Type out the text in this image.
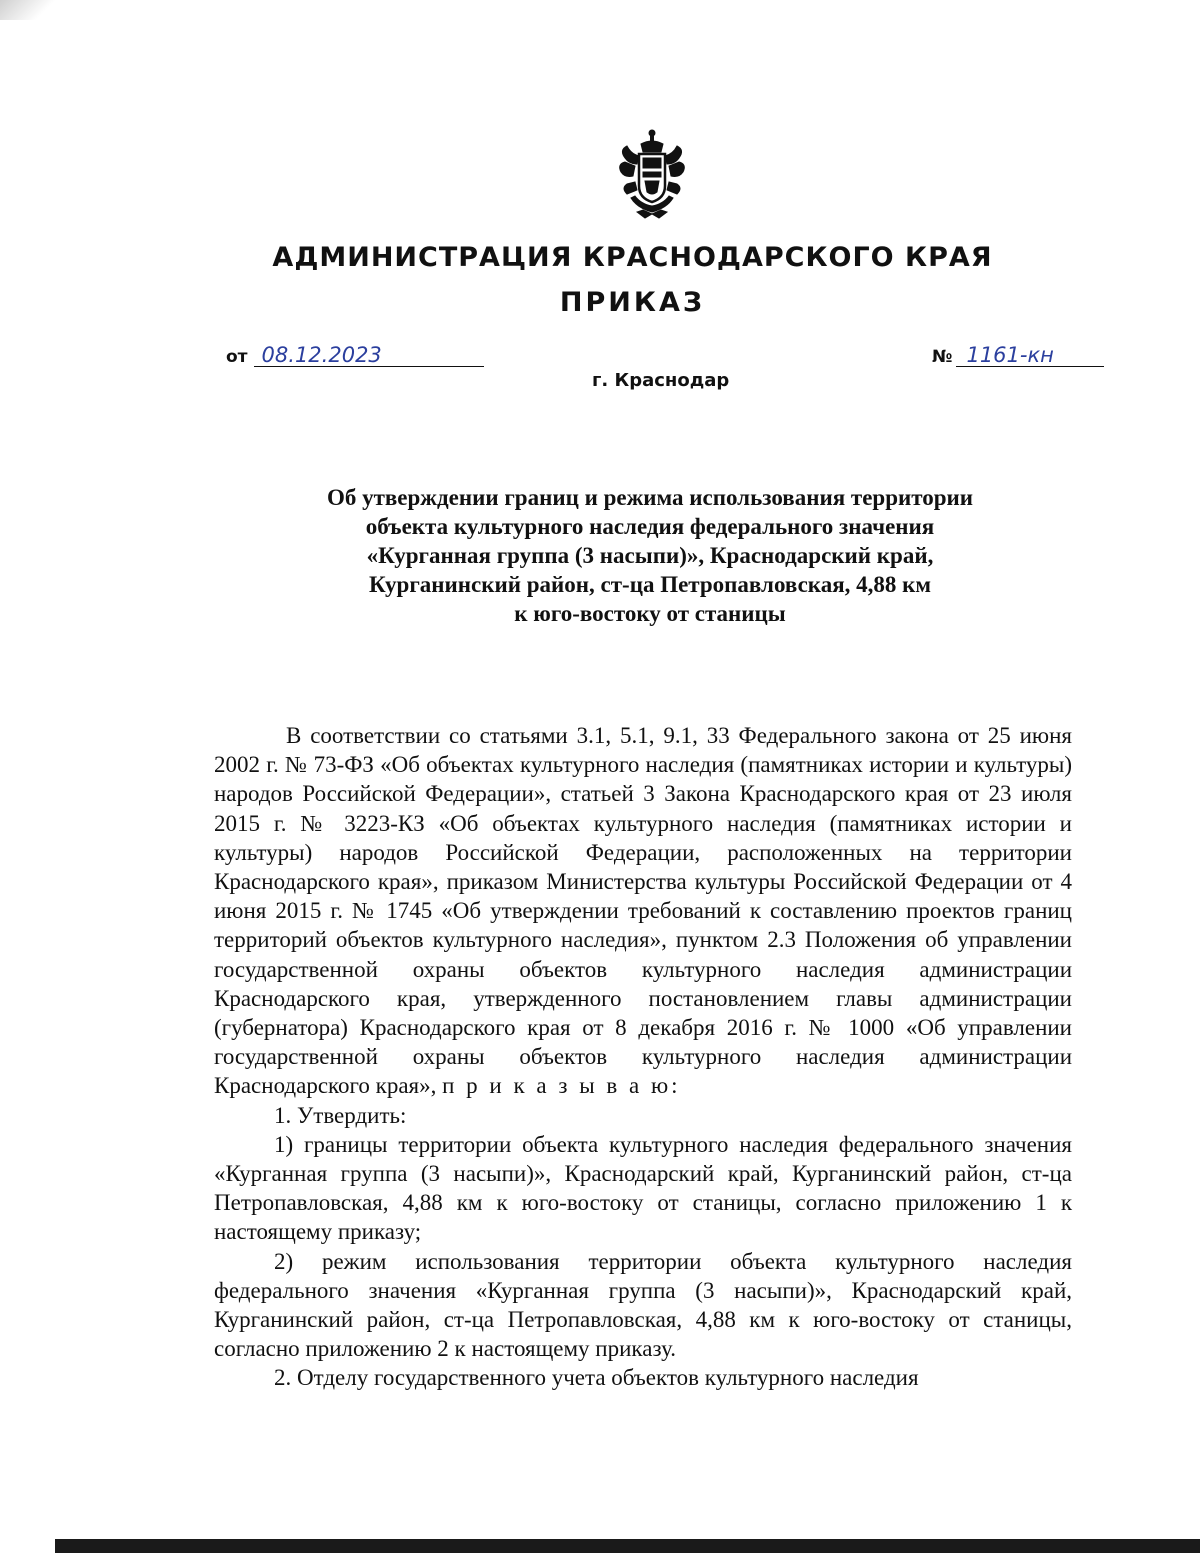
АДМИНИСТРАЦИЯ КРАСНОДАРСКОГО КРАЯ
ПРИКАЗ
от 08.12.2023	№ 1161-кн
г. Краснодар
Об утверждении границ и режима использования территории
объекта культурного наследия федерального значения
«Курганная группа (3 насыпи)», Краснодарский край,
Курганинский район, ст-ца Петропавловская, 4,88 км
к юго-востоку от станицы

В соответствии со статьями 3.1, 5.1, 9.1, 33 Федерального закона от 25 июня 2002 г. № 73-ФЗ «Об объектах культурного наследия (памятниках истории и культуры) народов Российской Федерации», статьей 3 Закона Краснодарского края от 23 июля 2015 г. № 3223-КЗ «Об объектах культурного наследия (памятниках истории и культуры) народов Российской Федерации, расположенных на территории Краснодарского края», приказом Министерства культуры Российской Федерации от 4 июня 2015 г. № 1745 «Об утверждении требований к составлению проектов границ территорий объектов культурного наследия», пунктом 2.3 Положения об управлении государственной охраны объектов культурного наследия администрации Краснодарского края, утвержденного постановлением главы администрации (губернатора) Краснодарского края от 8 декабря 2016 г. № 1000 «Об управлении государственной охраны объектов культурного наследия администрации Краснодарского края», п р и к а з ы в а ю:

1. Утвердить:

1) границы территории объекта культурного наследия федерального значения «Курганная группа (3 насыпи)», Краснодарский край, Курганинский район, ст-ца Петропавловская, 4,88 км к юго-востоку от станицы, согласно приложению 1 к настоящему приказу;

2) режим использования территории объекта культурного наследия федерального значения «Курганная группа (3 насыпи)», Краснодарский край, Курганинский район, ст-ца Петропавловская, 4,88 км к юго-востоку от станицы, согласно приложению 2 к настоящему приказу.

2. Отделу государственного учета объектов культурного наследия
